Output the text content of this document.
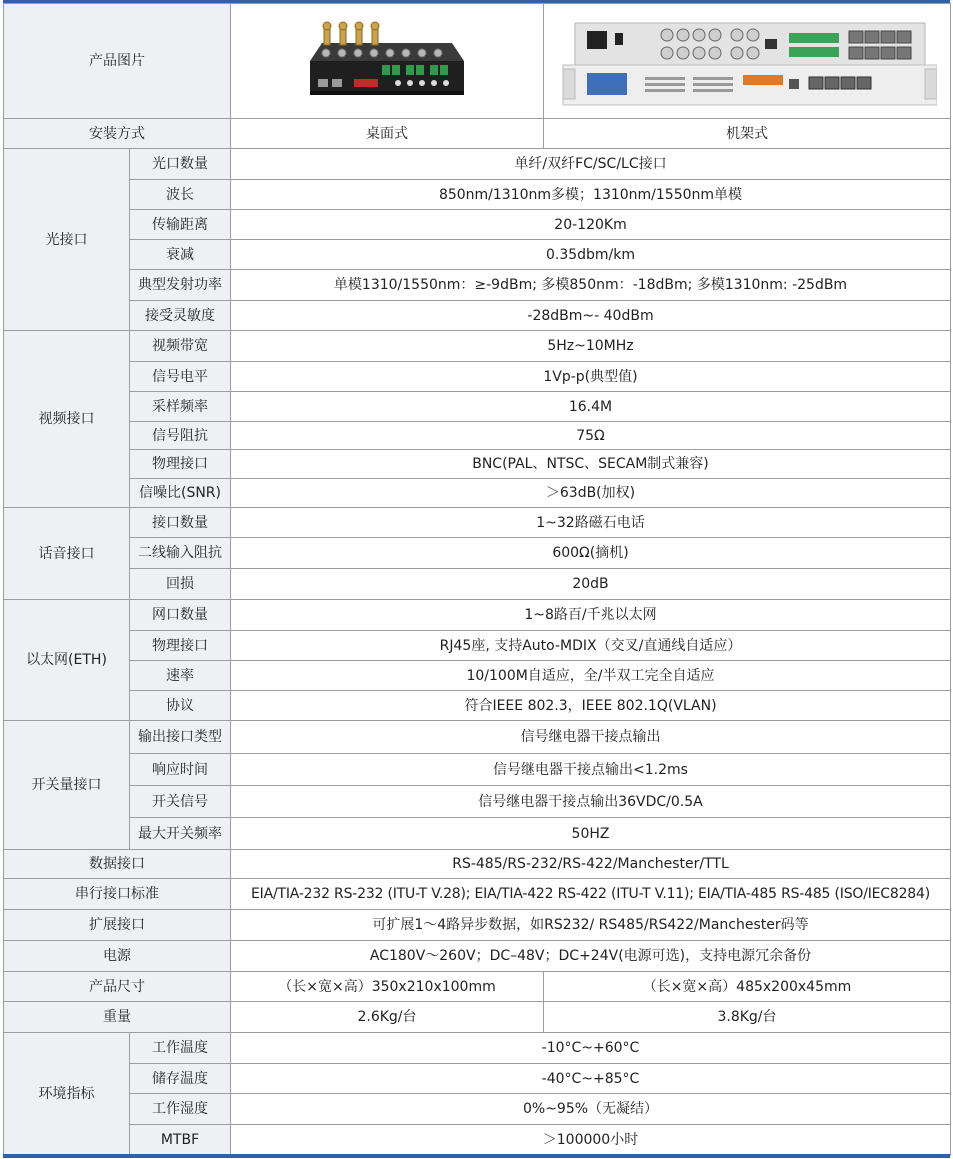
产品图片	

安装方式		桌面式	机架式
光接口	光口数量	单纤/双纤FC/SC/LC接口	
	波长	850nm/1310nm多模；1310nm/1550nm单模	
	传输距离	20-120Km	
	衰减	0.35dbm/km	
	典型发射功率	单模1310/1550nm：≥-9dBm; 多模850nm：-18dBm; 多模1310nm: -25dBm	
	接受灵敏度	-28dBm~- 40dBm	
视频接口	视频带宽	5Hz~10MHz	
	信号电平	1Vp-p(典型值)	
	采样频率	16.4M	
	信号阻抗	75Ω	
	物理接口	BNC(PAL、NTSC、SECAM制式兼容)	
	信噪比(SNR)	＞63dB(加权)	
话音接口	接口数量	1~32路磁石电话	
	二线输入阻抗	600Ω(摘机)	
	回损	20dB	
以太网(ETH)	网口数量	1~8路百/千兆以太网	
	物理接口	RJ45座, 支持Auto-MDIX（交叉/直通线自适应）	
	速率	10/100M自适应，全/半双工完全自适应	
	协议	符合IEEE 802.3，IEEE 802.1Q(VLAN)	
开关量接口	输出接口类型	信号继电器干接点输出	
	响应时间	信号继电器干接点输出<1.2ms	
	开关信号	信号继电器干接点输出36VDC/0.5A	
	最大开关频率	50HZ	
数据接口		RS-485/RS-232/RS-422/Manchester/TTL	
串行接口标准		EIA/TIA-232 RS-232 (ITU-T V.28); EIA/TIA-422 RS-422 (ITU-T V.11); EIA/TIA-485 RS-485 (ISO/IEC8284)	
扩展接口		可扩展1～4路异步数据，如RS232/ RS485/RS422/Manchester码等	
电源		AC180V～260V；DC–48V；DC+24V(电源可选)，支持电源冗余备份	
产品尺寸		（长×宽×高）350x210x100mm	（长×宽×高）485x200x45mm
重量		2.6Kg/台	3.8Kg/台
环境指标	工作温度	-10°C~+60°C	
	储存温度	-40°C~+85°C	
	工作湿度	0%~95%（无凝结）	
	MTBF	＞100000小时	
